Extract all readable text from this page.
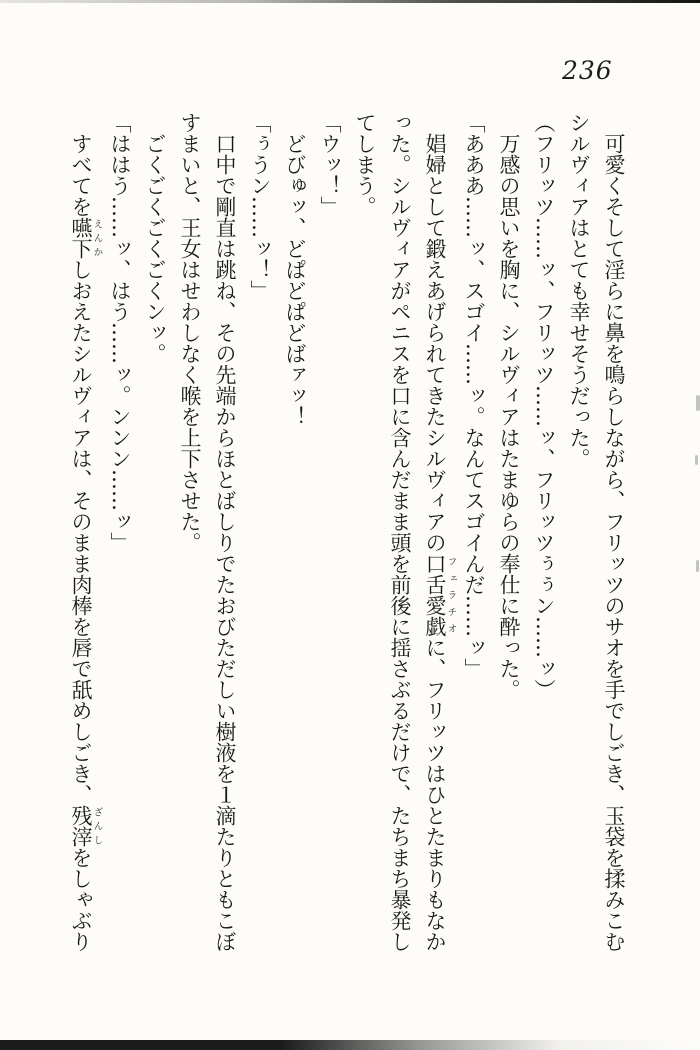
236

可愛くそして淫らに鼻を鳴らしながら、フリッツのサオを手でしごき、玉袋を揉みこむ

シルヴィアはとても幸せそうだった。

（フリッツ……ッ、フリッツ……ッ、フリッツぅぅン……ッ）

万感の思いを胸に、シルヴィアはたまゆらの奉仕に酔った。

「あああ……ッ、スゴイ……ッ。なんてスゴイんだ……ッ」

娼婦として鍛えあげられてきたシルヴィアの口舌愛戯フェラチオに、フリッツはひとたまりもなか

った。シルヴィアがペニスを口に含んだまま頭を前後に揺さぶるだけで、たちまち暴発し

てしまう。

「ウッ！」

どびゅッ、どぱどぱどばァッ！

「ぅうン……ッ！」

口中で剛直は跳ね、その先端からほとばしりでたおびただしい樹液を１滴たりともこぼ

すまいと、王女はせわしなく喉を上下させた。

ごくごくごくごくンッ。

「ははう……ッ、はう……ッ。ンンン……ッ」

すべてを嚥下えんかしおえたシルヴィアは、そのまま肉棒を唇で舐めしごき、残滓ざんしをしゃぶり
